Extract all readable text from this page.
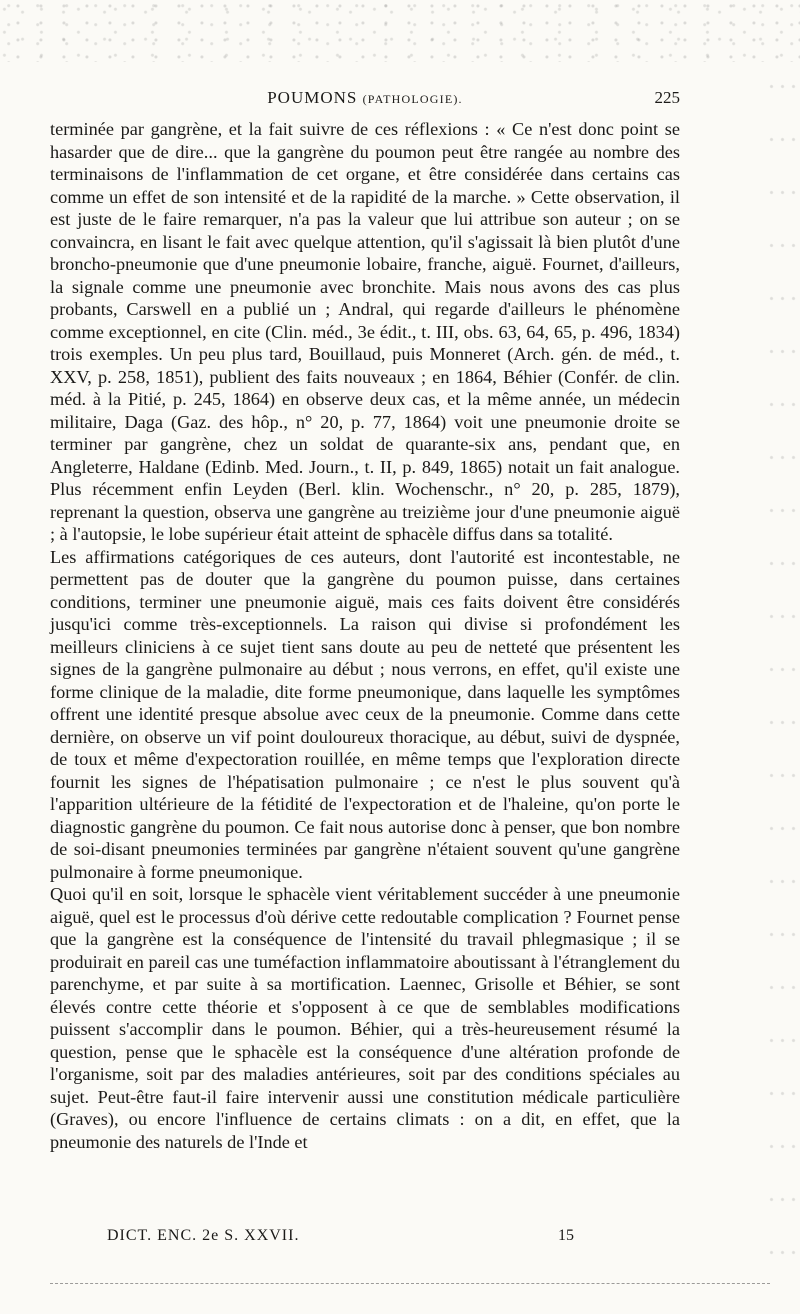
POUMONS (PATHOLOGIE).	225

terminée par gangrène, et la fait suivre de ces réflexions : « Ce n'est donc point se hasarder que de dire... que la gangrène du poumon peut être rangée au nombre des terminaisons de l'inflammation de cet organe, et être considérée dans certains cas comme un effet de son intensité et de la rapidité de la marche. » Cette observation, il est juste de le faire remarquer, n'a pas la valeur que lui attribue son auteur ; on se convaincra, en lisant le fait avec quelque attention, qu'il s'agissait là bien plutôt d'une broncho-pneumonie que d'une pneumonie lobaire, franche, aiguë. Fournet, d'ailleurs, la signale comme une pneumonie avec bronchite. Mais nous avons des cas plus probants, Carswell en a publié un ; Andral, qui regarde d'ailleurs le phénomène comme exceptionnel, en cite (Clin. méd., 3e édit., t. III, obs. 63, 64, 65, p. 496, 1834) trois exemples. Un peu plus tard, Bouillaud, puis Monneret (Arch. gén. de méd., t. XXV, p. 258, 1851), publient des faits nouveaux ; en 1864, Béhier (Confér. de clin. méd. à la Pitié, p. 245, 1864) en observe deux cas, et la même année, un médecin militaire, Daga (Gaz. des hôp., n° 20, p. 77, 1864) voit une pneumonie droite se terminer par gangrène, chez un soldat de quarante-six ans, pendant que, en Angleterre, Haldane (Edinb. Med. Journ., t. II, p. 849, 1865) notait un fait analogue. Plus récemment enfin Leyden (Berl. klin. Wochenschr., n° 20, p. 285, 1879), reprenant la question, observa une gangrène au treizième jour d'une pneumonie aiguë ; à l'autopsie, le lobe supérieur était atteint de sphacèle diffus dans sa totalité.

Les affirmations catégoriques de ces auteurs, dont l'autorité est incontestable, ne permettent pas de douter que la gangrène du poumon puisse, dans certaines conditions, terminer une pneumonie aiguë, mais ces faits doivent être considérés jusqu'ici comme très-exceptionnels. La raison qui divise si profondément les meilleurs cliniciens à ce sujet tient sans doute au peu de netteté que présentent les signes de la gangrène pulmonaire au début ; nous verrons, en effet, qu'il existe une forme clinique de la maladie, dite forme pneumonique, dans laquelle les symptômes offrent une identité presque absolue avec ceux de la pneumonie. Comme dans cette dernière, on observe un vif point douloureux thoracique, au début, suivi de dyspnée, de toux et même d'expectoration rouillée, en même temps que l'exploration directe fournit les signes de l'hépatisation pulmonaire ; ce n'est le plus souvent qu'à l'apparition ultérieure de la fétidité de l'expectoration et de l'haleine, qu'on porte le diagnostic gangrène du poumon. Ce fait nous autorise donc à penser, que bon nombre de soi-disant pneumonies terminées par gangrène n'étaient souvent qu'une gangrène pulmonaire à forme pneumonique.

Quoi qu'il en soit, lorsque le sphacèle vient véritablement succéder à une pneumonie aiguë, quel est le processus d'où dérive cette redoutable complication ? Fournet pense que la gangrène est la conséquence de l'intensité du travail phlegmasique ; il se produirait en pareil cas une tuméfaction inflammatoire aboutissant à l'étranglement du parenchyme, et par suite à sa mortification. Laennec, Grisolle et Béhier, se sont élevés contre cette théorie et s'opposent à ce que de semblables modifications puissent s'accomplir dans le poumon. Béhier, qui a très-heureusement résumé la question, pense que le sphacèle est la conséquence d'une altération profonde de l'organisme, soit par des maladies antérieures, soit par des conditions spéciales au sujet. Peut-être faut-il faire intervenir aussi une constitution médicale particulière (Graves), ou encore l'influence de certains climats : on a dit, en effet, que la pneumonie des naturels de l'Inde et

DICT. ENC. 2e S. XXVII.	15
